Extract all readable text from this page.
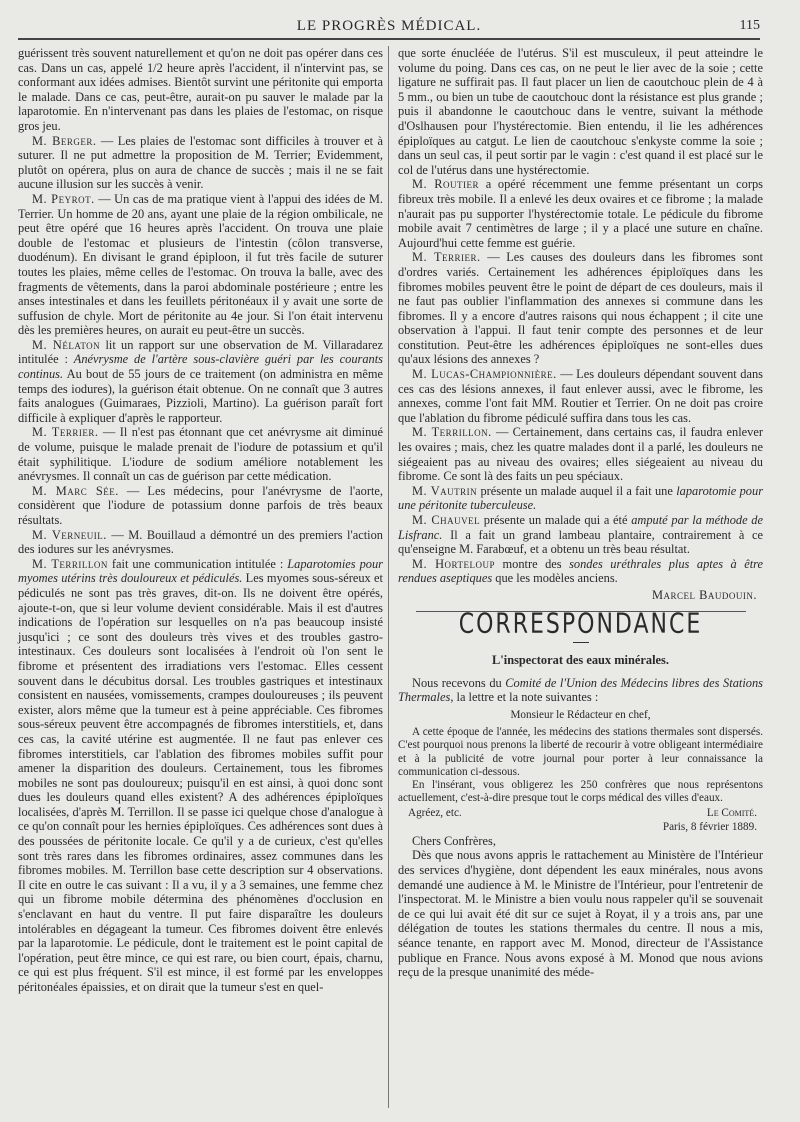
LE PROGRÈS MÉDICAL.	115

guérissent très souvent naturellement et qu'on ne doit pas opérer dans ces cas. Dans un cas, appelé 1/2 heure après l'accident, il n'intervint pas, se conformant aux idées admises. Bientôt survint une péritonite qui emporta le malade. Dans ce cas, peut-être, aurait-on pu sauver le malade par la laparotomie. En n'intervenant pas dans les plaies de l'estomac, on risque gros jeu.

M. Berger. — Les plaies de l'estomac sont difficiles à trouver et à suturer. Il ne put admettre la proposition de M. Terrier; Evidemment, plutôt on opérera, plus on aura de chance de succès ; mais il ne se fait aucune illusion sur les succès à venir.

M. Peyrot. — Un cas de ma pratique vient à l'appui des idées de M. Terrier. Un homme de 20 ans, ayant une plaie de la région ombilicale, ne peut être opéré que 16 heures après l'accident. On trouva une plaie double de l'estomac et plusieurs de l'intestin (côlon transverse, duodénum). En divisant le grand épiploon, il fut très facile de suturer toutes les plaies, même celles de l'estomac. On trouva la balle, avec des fragments de vêtements, dans la paroi abdominale postérieure ; entre les anses intestinales et dans les feuillets péritonéaux il y avait une sorte de suffusion de chyle. Mort de péritonite au 4e jour. Si l'on était intervenu dès les premières heures, on aurait eu peut-être un succès.

M. Nélaton lit un rapport sur une observation de M. Villaradarez intitulée : Anévrysme de l'artère sous-clavière guéri par les courants continus. Au bout de 55 jours de ce traitement (on administra en même temps des iodures), la guérison était obtenue. On ne connaît que 3 autres faits analogues (Guimaraes, Pizzioli, Martino). La guérison paraît fort difficile à expliquer d'après le rapporteur.

M. Terrier. — Il n'est pas étonnant que cet anévrysme ait diminué de volume, puisque le malade prenait de l'iodure de potassium et qu'il était syphilitique. L'iodure de sodium améliore notablement les anévrysmes. Il connaît un cas de guérison par cette médication.

M. Marc Sée. — Les médecins, pour l'anévrysme de l'aorte, considèrent que l'iodure de potassium donne parfois de très beaux résultats.

M. Verneuil. — M. Bouillaud a démontré un des premiers l'action des iodures sur les anévrysmes.

M. Terrillon fait une communication intitulée : Laparotomies pour myomes utérins très douloureux et pédiculés. Les myomes sous-séreux et pédiculés ne sont pas très graves, dit-on. Ils ne doivent être opérés, ajoute-t-on, que si leur volume devient considérable. Mais il est d'autres indications de l'opération sur lesquelles on n'a pas beaucoup insisté jusqu'ici ; ce sont des douleurs très vives et des troubles gastro-intestinaux. Ces douleurs sont localisées à l'endroit où l'on sent le fibrome et présentent des irradiations vers l'estomac. Elles cessent souvent dans le décubitus dorsal. Les troubles gastriques et intestinaux consistent en nausées, vomissements, crampes douloureuses ; ils peuvent exister, alors même que la tumeur est à peine appréciable. Ces fibromes sous-séreux peuvent être accompagnés de fibromes interstitiels, et, dans ces cas, la cavité utérine est augmentée. Il ne faut pas enlever ces fibromes interstitiels, car l'ablation des fibromes mobiles suffit pour amener la disparition des douleurs. Certainement, tous les fibromes mobiles ne sont pas douloureux; puisqu'il en est ainsi, à quoi donc sont dues les douleurs quand elles existent? A des adhérences épiploïques localisées, d'après M. Terrillon. Il se passe ici quelque chose d'analogue à ce qu'on connaît pour les hernies épiploïques. Ces adhérences sont dues à des poussées de péritonite locale. Ce qu'il y a de curieux, c'est qu'elles sont très rares dans les fibromes ordinaires, assez communes dans les fibromes mobiles. M. Terrillon base cette description sur 4 observations. Il cite en outre le cas suivant : Il a vu, il y a 3 semaines, une femme chez qui un fibrome mobile détermina des phénomènes d'occlusion en s'enclavant en haut du ventre. Il put faire disparaître les douleurs intolérables en dégageant la tumeur. Ces fibromes doivent être enlevés par la laparotomie. Le pédicule, dont le traitement est le point capital de l'opération, peut être mince, ce qui est rare, ou bien court, épais, charnu, ce qui est plus fréquent. S'il est mince, il est formé par les enveloppes péritonéales épaissies, et on dirait que la tumeur s'est en quel-

que sorte énucléée de l'utérus. S'il est musculeux, il peut atteindre le volume du poing. Dans ces cas, on ne peut le lier avec de la soie ; cette ligature ne suffirait pas. Il faut placer un lien de caoutchouc plein de 4 à 5 mm., ou bien un tube de caoutchouc dont la résistance est plus grande ; puis il abandonne le caoutchouc dans le ventre, suivant la méthode d'Oslhausen pour l'hystérectomie. Bien entendu, il lie les adhérences épiploïques au catgut. Le lien de caoutchouc s'enkyste comme la soie ; dans un seul cas, il peut sortir par le vagin : c'est quand il est placé sur le col de l'utérus dans une hystérectomie.

M. Routier a opéré récemment une femme présentant un corps fibreux très mobile. Il a enlevé les deux ovaires et ce fibrome ; la malade n'aurait pas pu supporter l'hystérectomie totale. Le pédicule du fibrome mobile avait 7 centimètres de large ; il y a placé une suture en chaîne. Aujourd'hui cette femme est guérie.

M. Terrier. — Les causes des douleurs dans les fibromes sont d'ordres variés. Certainement les adhérences épiploïques dans les fibromes mobiles peuvent être le point de départ de ces douleurs, mais il ne faut pas oublier l'inflammation des annexes si commune dans les fibromes. Il y a encore d'autres raisons qui nous échappent ; il cite une observation à l'appui. Il faut tenir compte des personnes et de leur constitution. Peut-être les adhérences épiploïques ne sont-elles dues qu'aux lésions des annexes ?

M. Lucas-Championnière. — Les douleurs dépendant souvent dans ces cas des lésions annexes, il faut enlever aussi, avec le fibrome, les annexes, comme l'ont fait MM. Routier et Terrier. On ne doit pas croire que l'ablation du fibrome pédiculé suffira dans tous les cas.

M. Terrillon. — Certainement, dans certains cas, il faudra enlever les ovaires ; mais, chez les quatre malades dont il a parlé, les douleurs ne siégeaient pas au niveau des ovaires; elles siégeaient au niveau du fibrome. Ce sont là des faits un peu spéciaux.

M. Vautrin présente un malade auquel il a fait une laparotomie pour une péritonite tuberculeuse.

M. Chauvel présente un malade qui a été amputé par la méthode de Lisfranc. Il a fait un grand lambeau plantaire, contrairement à ce qu'enseigne M. Farabœuf, et a obtenu un très beau résultat.

M. Horteloup montre des sondes uréthrales plus aptes à être rendues aseptiques que les modèles anciens.

Marcel Baudouin.
CORRESPONDANCE
L'inspectorat des eaux minérales.

Nous recevons du Comité de l'Union des Médecins libres des Stations Thermales, la lettre et la note suivantes :

Monsieur le Rédacteur en chef,

A cette époque de l'année, les médecins des stations thermales sont dispersés. C'est pourquoi nous prenons la liberté de recourir à votre obligeant intermédiaire et à la publicité de votre journal pour porter à leur connaissance la communication ci-dessous.

En l'insérant, vous obligerez les 250 confrères que nous représentons actuellement, c'est-à-dire presque tout le corps médical des villes d'eaux.

Agréez, etc.	Le Comité.
Paris, 8 février 1889.

Chers Confrères,

Dès que nous avons appris le rattachement au Ministère de l'Intérieur des services d'hygiène, dont dépendent les eaux minérales, nous avons demandé une audience à M. le Ministre de l'Intérieur, pour l'entretenir de l'inspectorat. M. le Ministre a bien voulu nous rappeler qu'il se souvenait de ce qui lui avait été dit sur ce sujet à Royat, il y a trois ans, par une délégation de toutes les stations thermales du centre. Il nous a mis, séance tenante, en rapport avec M. Monod, directeur de l'Assistance publique en France. Nous avons exposé à M. Monod que nous avions reçu de la presque unanimité des méde-
